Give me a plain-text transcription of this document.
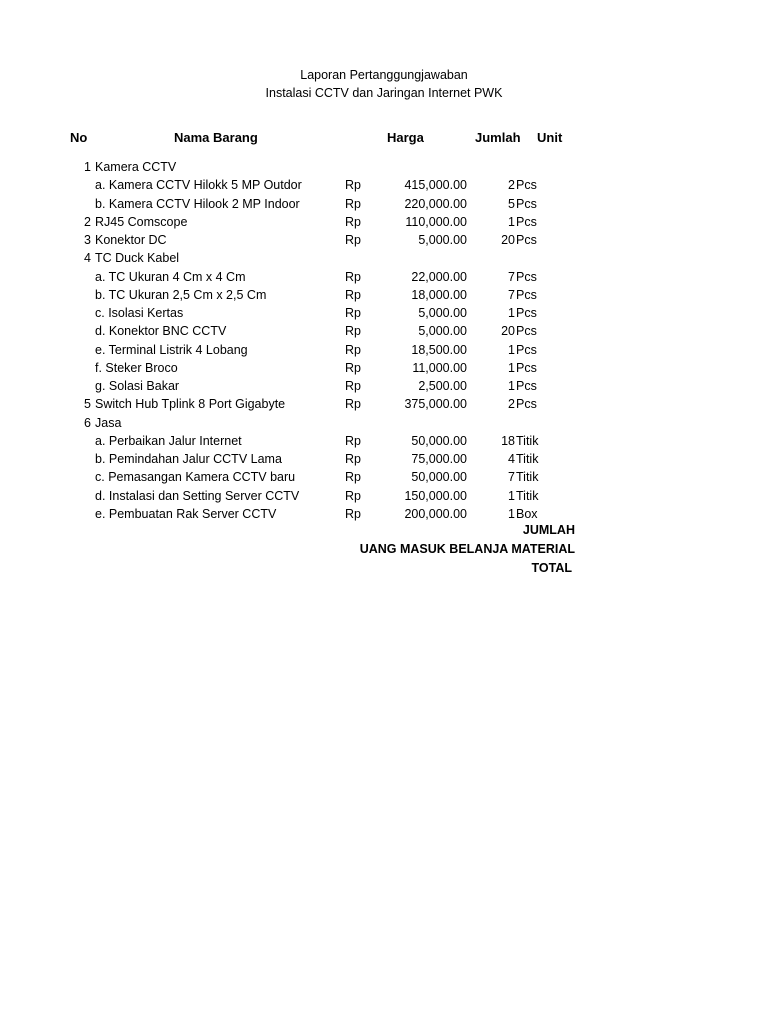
Laporan Pertanggungjawaban
Instalasi CCTV dan Jaringan Internet PWK
No	Nama Barang	Harga	Jumlah Unit
1 Kamera CCTV
a. Kamera CCTV Hilokk 5 MP Outdor	Rp	415,000.00	2 Pcs
b. Kamera CCTV Hilook 2 MP Indoor	Rp	220,000.00	5 Pcs
2 RJ45 Comscope	Rp	110,000.00	1 Pcs
3 Konektor DC	Rp	5,000.00	20 Pcs
4 TC Duck Kabel
a. TC Ukuran 4 Cm x 4 Cm	Rp	22,000.00	7 Pcs
b. TC Ukuran 2,5 Cm x 2,5 Cm	Rp	18,000.00	7 Pcs
c. Isolasi Kertas	Rp	5,000.00	1 Pcs
d. Konektor BNC CCTV	Rp	5,000.00	20 Pcs
e. Terminal Listrik 4 Lobang	Rp	18,500.00	1 Pcs
f. Steker Broco	Rp	11,000.00	1 Pcs
g. Solasi Bakar	Rp	2,500.00	1 Pcs
5 Switch Hub Tplink 8 Port Gigabyte	Rp	375,000.00	2 Pcs
6 Jasa
a. Perbaikan Jalur Internet	Rp	50,000.00	18 Titik
b. Pemindahan Jalur CCTV Lama	Rp	75,000.00	4 Titik
c. Pemasangan Kamera CCTV baru	Rp	50,000.00	7 Titik
d. Instalasi dan Setting Server CCTV	Rp	150,000.00	1 Titik
e. Pembuatan Rak Server CCTV	Rp	200,000.00	1 Box
JUMLAH
UANG MASUK BELANJA MATERIAL
TOTAL
